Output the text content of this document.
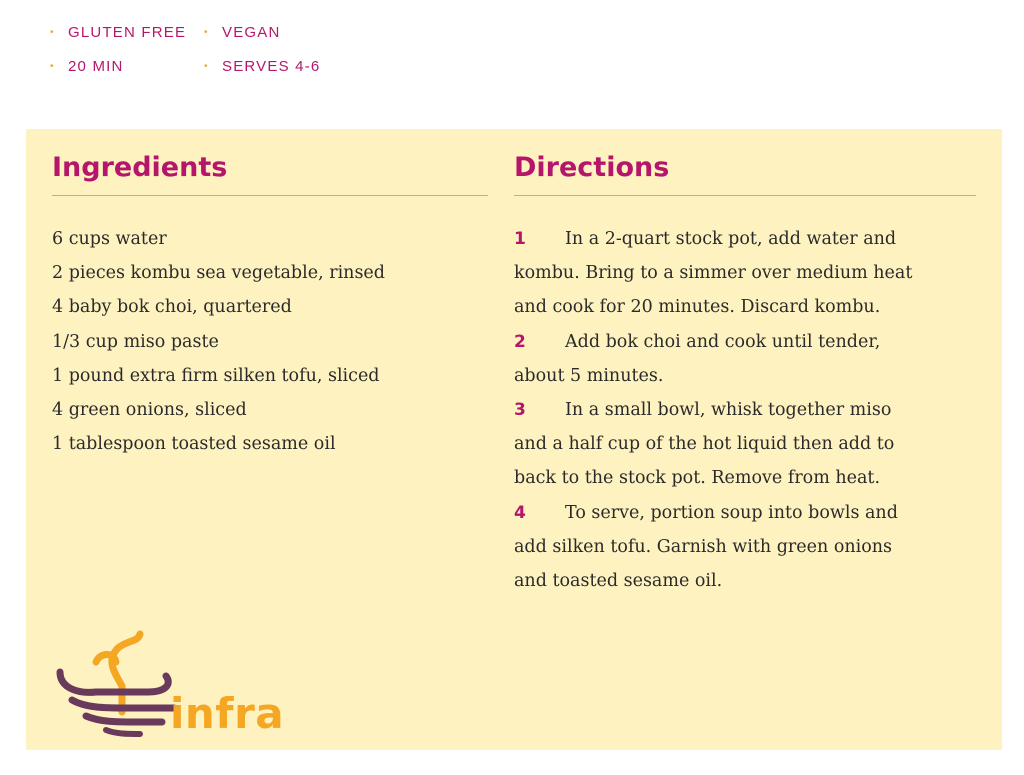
• GLUTEN FREE • VEGAN
• 20 MIN	• SERVES 4-6
Ingredients
6 cups water
2 pieces kombu sea vegetable, rinsed
4 baby bok choi, quartered
1/3 cup miso paste
1 pound extra firm silken tofu, sliced
4 green onions, sliced
1 tablespoon toasted sesame oil
Directions
1 In a 2-quart stock pot, add water and
kombu. Bring to a simmer over medium heat
and cook for 20 minutes. Discard kombu.
2 Add bok choi and cook until tender,
about 5 minutes.
3 In a small bowl, whisk together miso
and a half cup of the hot liquid then add to
back to the stock pot. Remove from heat.
4 To serve, portion soup into bowls and
add silken tofu. Garnish with green onions
and toasted sesame oil.
infra
